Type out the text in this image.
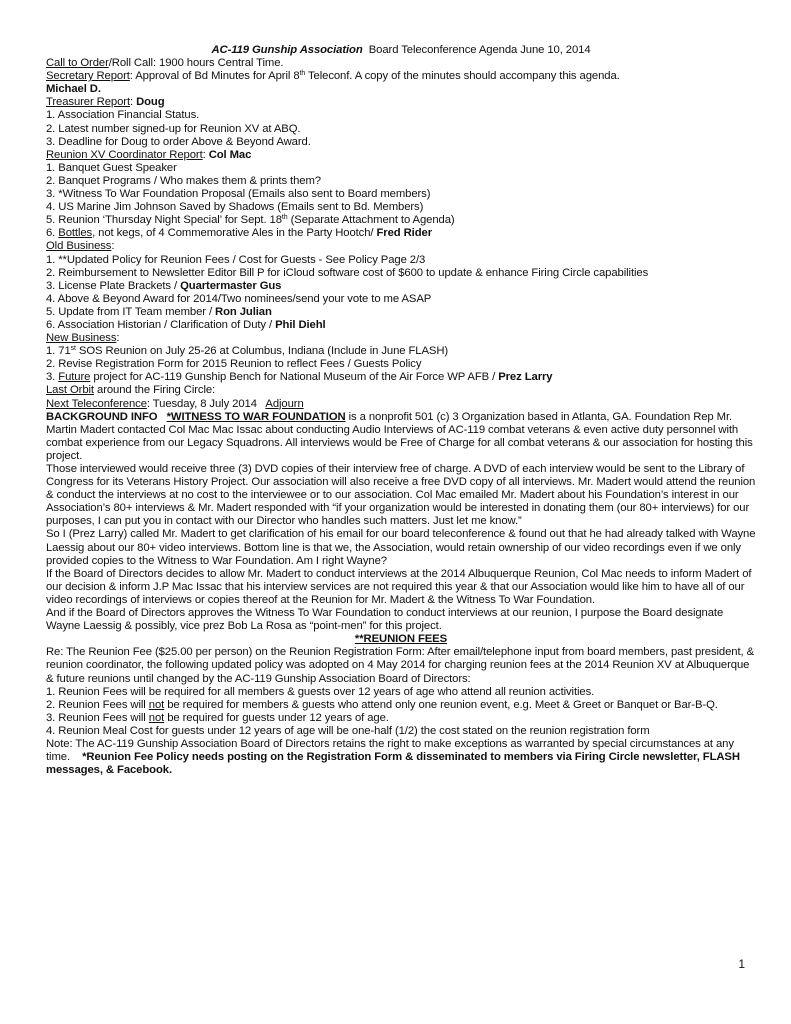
AC-119 Gunship Association  Board Teleconference Agenda June 10, 2014
Call to Order/Roll Call: 1900 hours Central Time.
Secretary Report: Approval of Bd Minutes for April 8th Teleconf. A copy of the minutes should accompany this agenda.
Michael D.
Treasurer Report: Doug
1. Association Financial Status.
2. Latest number signed-up for Reunion XV at ABQ.
3. Deadline for Doug to order Above & Beyond Award.
Reunion XV Coordinator Report: Col Mac
1. Banquet Guest Speaker
2. Banquet Programs / Who makes them & prints them?
3. *Witness To War Foundation Proposal (Emails also sent to Board members)
4. US Marine Jim Johnson Saved by Shadows (Emails sent to Bd. Members)
5. Reunion ‘Thursday Night Special’ for Sept. 18th (Separate Attachment to Agenda)
6. Bottles, not kegs, of 4 Commemorative Ales in the Party Hootch/ Fred Rider
Old Business:
1. **Updated Policy for Reunion Fees / Cost for Guests - See Policy Page 2/3
2. Reimbursement to Newsletter Editor Bill P for iCloud software cost of $600 to update & enhance Firing Circle capabilities
3. License Plate Brackets / Quartermaster Gus
4. Above & Beyond Award for 2014/Two nominees/send your vote to me ASAP
5. Update from IT Team member / Ron Julian
6. Association Historian / Clarification of Duty / Phil Diehl
New Business:
1. 71st SOS Reunion on July 25-26 at Columbus, Indiana (Include in June FLASH)
2. Revise Registration Form for 2015 Reunion to reflect Fees / Guests Policy
3. Future project for AC-119 Gunship Bench for National Museum of the Air Force WP AFB / Prez Larry
Last Orbit around the Firing Circle:
Next Teleconference: Tuesday, 8 July 2014   Adjourn

BACKGROUND INFO *WITNESS TO WAR FOUNDATION is a nonprofit 501 (c) 3 Organization based in Atlanta, GA. Foundation Rep Mr. Martin Madert contacted Col Mac Mac Issac about conducting Audio Interviews of AC-119 combat veterans & even active duty personnel with combat experience from our Legacy Squadrons. All interviews would be Free of Charge for all combat veterans & our association for hosting this project.

Those interviewed would receive three (3) DVD copies of their interview free of charge. A DVD of each interview would be sent to the Library of Congress for its Veterans History Project. Our association will also receive a free DVD copy of all interviews. Mr. Madert would attend the reunion & conduct the interviews at no cost to the interviewee or to our association. Col Mac emailed Mr. Madert about his Foundation’s interest in our Association’s 80+ interviews & Mr. Madert responded with “if your organization would be interested in donating them (our 80+ interviews) for our purposes, I can put you in contact with our Director who handles such matters. Just let me know.”

So I (Prez Larry) called Mr. Madert to get clarification of his email for our board teleconference & found out that he had already talked with Wayne Laessig about our 80+ video interviews. Bottom line is that we, the Association, would retain ownership of our video recordings even if we only provided copies to the Witness to War Foundation. Am I right Wayne?

If the Board of Directors decides to allow Mr. Madert to conduct interviews at the 2014 Albuquerque Reunion, Col Mac needs to inform Madert of our decision & inform J.P Mac Issac that his interview services are not required this year & that our Association would like him to have all of our video recordings of interviews or copies thereof at the Reunion for Mr. Madert & the Witness To War Foundation.

And if the Board of Directors approves the Witness To War Foundation to conduct interviews at our reunion, I purpose the Board designate Wayne Laessig & possibly, vice prez Bob La Rosa as “point-men” for this project.

**REUNION FEES

Re: The Reunion Fee ($25.00 per person) on the Reunion Registration Form: After email/telephone input from board members, past president, & reunion coordinator, the following updated policy was adopted on 4 May 2014 for charging reunion fees at the 2014 Reunion XV at Albuquerque & future reunions until changed by the AC-119 Gunship Association Board of Directors:

1. Reunion Fees will be required for all members & guests over 12 years of age who attend all reunion activities.
2. Reunion Fees will not be required for members & guests who attend only one reunion event, e.g. Meet & Greet or Banquet or Bar-B-Q.
3. Reunion Fees will not be required for guests under 12 years of age.
4. Reunion Meal Cost for guests under 12 years of age will be one-half (1/2) the cost stated on the reunion registration form

Note: The AC-119 Gunship Association Board of Directors retains the right to make exceptions as warranted by special circumstances at any time.    *Reunion Fee Policy needs posting on the Registration Form & disseminated to members via Firing Circle newsletter, FLASH messages, & Facebook.

1
